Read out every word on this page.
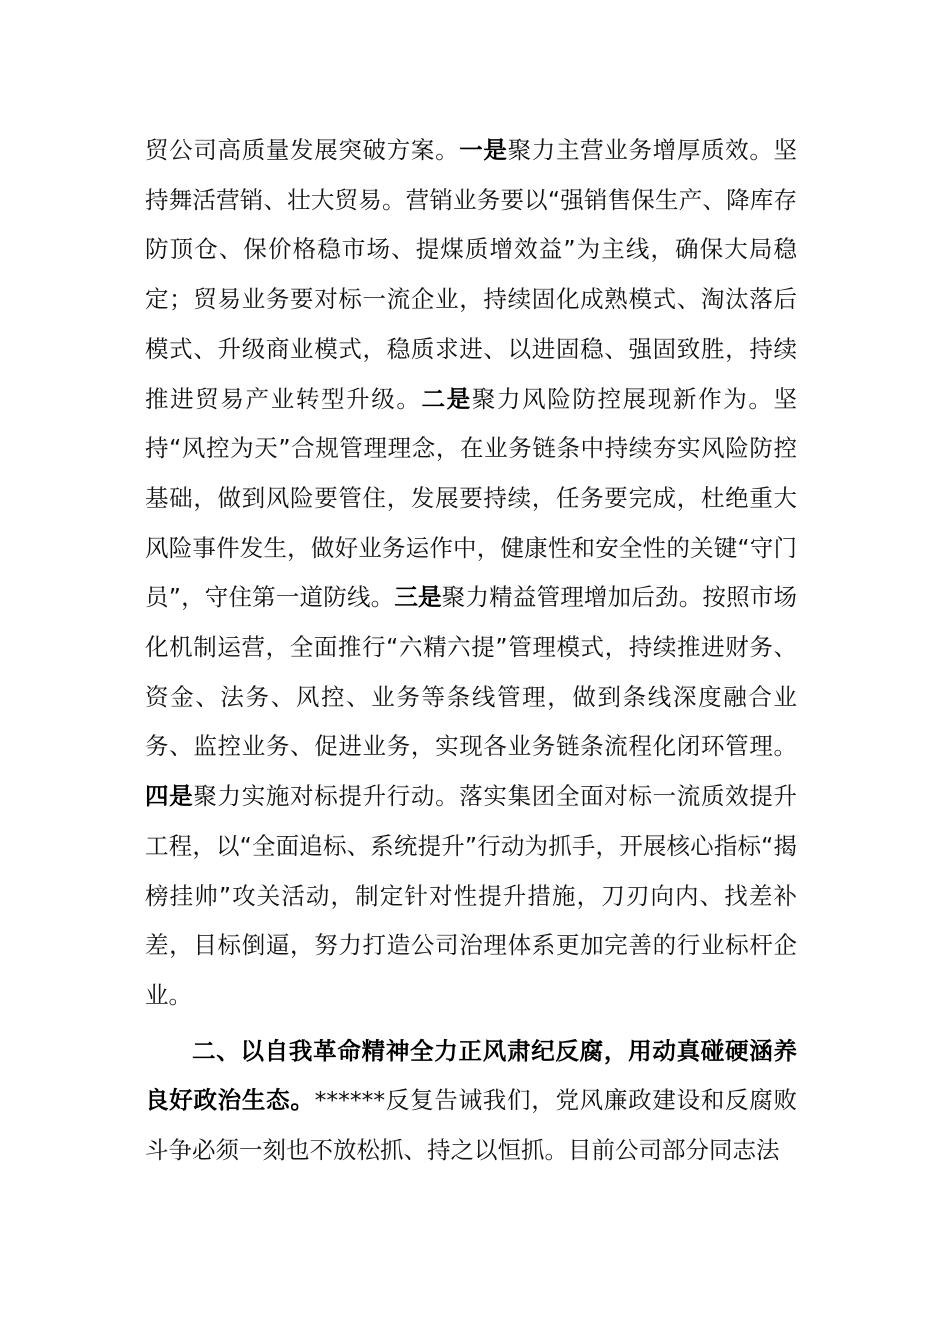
贸公司高质量发展突破方案。一是聚力主营业务增厚质效。坚持舞活营销、壮大贸易。营销业务要以“强销售保生产、降库存防顶仓、保价格稳市场、提煤质增效益”为主线，确保大局稳定；贸易业务要对标一流企业，持续固化成熟模式、淘汰落后模式、升级商业模式，稳质求进、以进固稳、强固致胜，持续推进贸易产业转型升级。二是聚力风险防控展现新作为。坚持“风控为天”合规管理理念，在业务链条中持续夯实风险防控基础，做到风险要管住，发展要持续，任务要完成，杜绝重大风险事件发生，做好业务运作中，健康性和安全性的关键“守门员”，守住第一道防线。三是聚力精益管理增加后劲。按照市场化机制运营，全面推行“六精六提”管理模式，持续推进财务、资金、法务、风控、业务等条线管理，做到条线深度融合业务、监控业务、促进业务，实现各业务链条流程化闭环管理。四是聚力实施对标提升行动。落实集团全面对标一流质效提升工程，以“全面追标、系统提升”行动为抓手，开展核心指标“揭榜挂帅”攻关活动，制定针对性提升措施，刀刃向内、找差补差，目标倒逼，努力打造公司治理体系更加完善的行业标杆企业。

二、以自我革命精神全力正风肃纪反腐，用动真碰硬涵养良好政治生态。******反复告诫我们，党风廉政建设和反腐败斗争必须一刻也不放松抓、持之以恒抓。目前公司部分同志法
